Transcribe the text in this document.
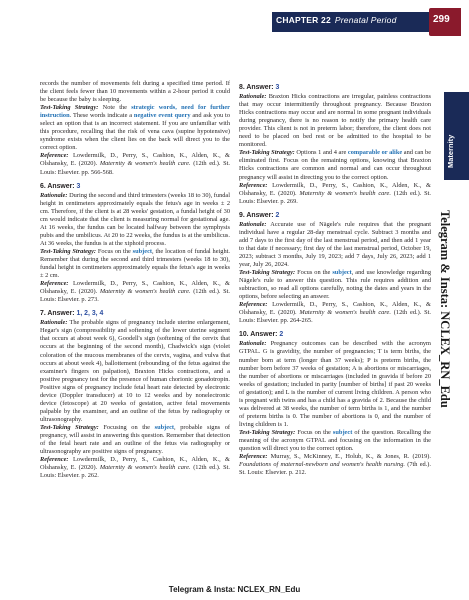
CHAPTER 22 Prenatal Period	299
Maternity
Telegram & Insta: NCLEX_RN_Edu

records the number of movements felt during a specified time period. If the client feels fewer than 10 movements within a 2-hour period it could be because the baby is sleeping.

Test-Taking Strategy: Note the strategic words, need for further instruction. These words indicate a negative event query and ask you to select an option that is an incorrect statement. If you are unfamiliar with this procedure, recalling that the risk of vena cava (supine hypotensive) syndrome exists when the client lies on the back will direct you to the correct option.

Reference: Lowdermilk, D., Perry, S., Cashion, K., Alden, K., & Olshansky, E. (2020). Maternity & women's health care. (12th ed.). St. Louis: Elsevier. pp. 566-568.

6. Answer: 3

Rationale: During the second and third trimesters (weeks 18 to 30), fundal height in centimeters approximately equals the fetus's age in weeks ± 2 cm. Therefore, if the client is at 28 weeks' gestation, a fundal height of 30 cm would indicate that the client is measuring normal for gestational age. At 16 weeks, the fundus can be located halfway between the symphysis pubis and the umbilicus. At 20 to 22 weeks, the fundus is at the umbilicus. At 36 weeks, the fundus is at the xiphoid process.

Test-Taking Strategy: Focus on the subject, the location of fundal height. Remember that during the second and third trimesters (weeks 18 to 30), fundal height in centimeters approximately equals the fetus's age in weeks ± 2 cm.

Reference: Lowdermilk, D., Perry, S., Cashion, K., Alden, K., & Olshansky, E. (2020). Maternity & women's health care. (12th ed.). St. Louis: Elsevier. p. 273.

7. Answer: 1, 2, 3, 4

Rationale: The probable signs of pregnancy include uterine enlargement, Hegar's sign (compressibility and softening of the lower uterine segment that occurs at about week 6), Goodell's sign (softening of the cervix that occurs at the beginning of the second month), Chadwick's sign (violet coloration of the mucous membranes of the cervix, vagina, and vulva that occurs at about week 4), ballottement (rebounding of the fetus against the examiner's fingers on palpation), Braxton Hicks contractions, and a positive pregnancy test for the presence of human chorionic gonadotropin. Positive signs of pregnancy include fetal heart rate detected by electronic device (Doppler transducer) at 10 to 12 weeks and by nonelectronic device (fetoscope) at 20 weeks of gestation, active fetal movements palpable by the examiner, and an outline of the fetus by radiography or ultrasonography.

Test-Taking Strategy: Focusing on the subject, probable signs of pregnancy, will assist in answering this question. Remember that detection of the fetal heart rate and an outline of the fetus via radiography or ultrasonography are positive signs of pregnancy.

Reference: Lowdermilk, D., Perry, S., Cashion, K., Alden, K., & Olshansky, E. (2020). Maternity & women's health care. (12th ed.). St. Louis: Elsevier. p. 262.

8. Answer: 3

Rationale: Braxton Hicks contractions are irregular, painless contractions that may occur intermittently throughout pregnancy. Because Braxton Hicks contractions may occur and are normal in some pregnant individuals during pregnancy, there is no reason to notify the primary health care provider. This client is not in preterm labor; therefore, the client does not need to be placed on bed rest or be admitted to the hospital to be monitored.

Test-Taking Strategy: Options 1 and 4 are comparable or alike and can be eliminated first. Focus on the remaining options, knowing that Braxton Hicks contractions are common and normal and can occur throughout pregnancy will assist in directing you to the correct option.

Reference: Lowdermilk, D., Perry, S., Cashion, K., Alden, K., & Olshansky, E. (2020). Maternity & women's health care. (12th ed.). St. Louis: Elsevier. p. 269.

9. Answer: 2

Rationale: Accurate use of Nägele's rule requires that the pregnant individual have a regular 28-day menstrual cycle. Subtract 3 months and add 7 days to the first day of the last menstrual period, and then add 1 year to that date if necessary; first day of the last menstrual period, October 19, 2023; subtract 3 months, July 19, 2023; add 7 days, July 26, 2023; add 1 year, July 26, 2024.

Test-Taking Strategy: Focus on the subject, and use knowledge regarding Nägele's rule to answer this question. This rule requires addition and subtraction, so read all options carefully, noting the dates and years in the options, before selecting an answer.

Reference: Lowdermilk, D., Perry, S., Cashion, K., Alden, K., & Olshansky, E. (2020). Maternity & women's health care. (12th ed.). St. Louis: Elsevier. pp. 264-265.

10. Answer: 2

Rationale: Pregnancy outcomes can be described with the acronym GTPAL. G is gravidity, the number of pregnancies; T is term births, the number born at term (longer than 37 weeks); P is preterm births, the number born before 37 weeks of gestation; A is abortions or miscarriages, the number of abortions or miscarriages (included in gravida if before 20 weeks of gestation; included in parity [number of births] if past 20 weeks of gestation); and L is the number of current living children. A person who is pregnant with twins and has a child has a gravida of 2. Because the child was delivered at 38 weeks, the number of term births is 1, and the number of preterm births is 0. The number of abortions is 0, and the number of living children is 1.

Test-Taking Strategy: Focus on the subject of the question. Recalling the meaning of the acronym GTPAL and focusing on the information in the question will direct you to the correct option.

Reference: Murray, S., McKinney, E., Holub, K., & Jones, R. (2019). Foundations of maternal-newborn and women's health nursing. (7th ed.). St. Louis: Elsevier. p. 212.

Telegram & Insta: NCLEX_RN_Edu
